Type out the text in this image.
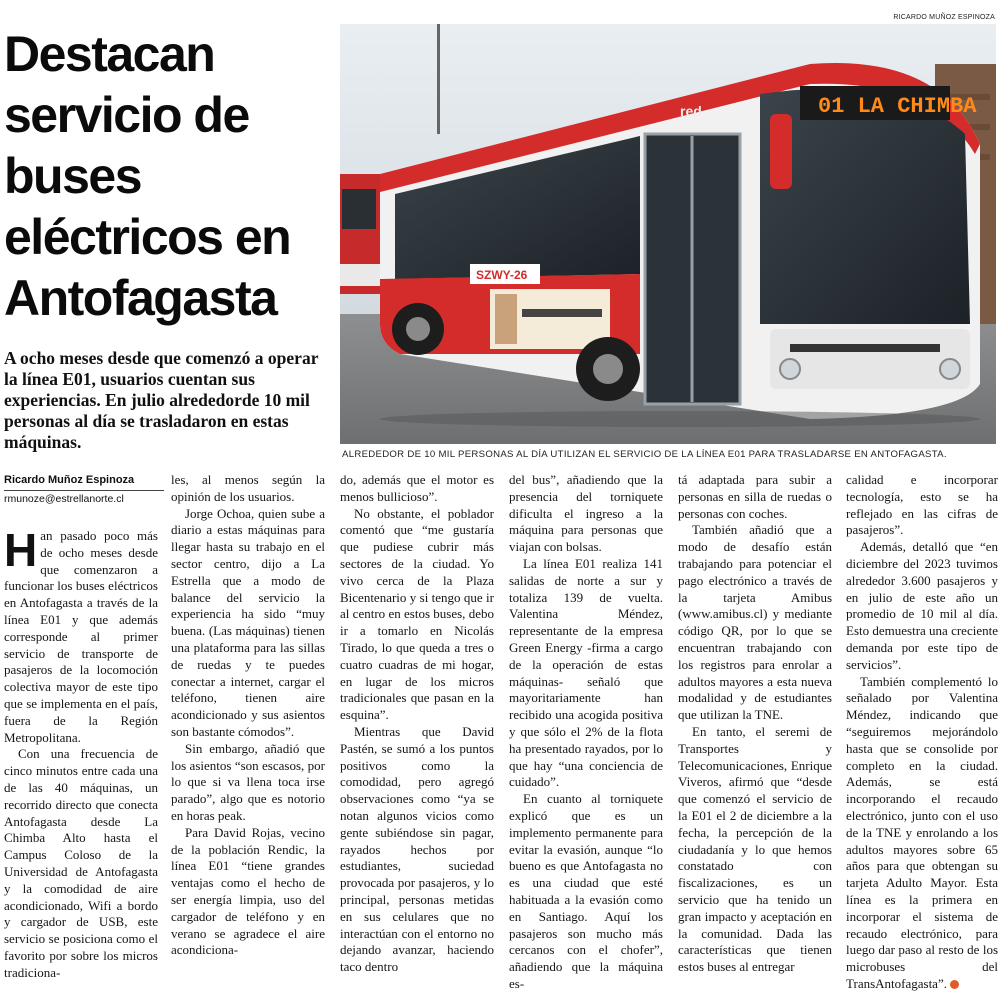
RICARDO MUÑOZ ESPINOZA
Destacan servicio de buses eléctricos en Antofagasta

A ocho meses desde que comenzó a operar la línea E01, usuarios cuentan sus experiencias. En julio alrededorde 10 mil personas al día se trasladaron en estas máquinas.

Ricardo Muñoz Espinoza
rmunoze@estrellanorte.cl
01 LA CHIMBA
red
SZWY-26
ALREDEDOR DE 10 MIL PERSONAS AL DÍA UTILIZAN EL SERVICIO DE LA LÍNEA E01 PARA TRASLADARSE EN ANTOFAGASTA.

Han pasado poco más de ocho meses desde que comenzaron a funcionar los buses eléctricos en Antofagasta a través de la línea E01 y que además corresponde al primer servicio de transporte de pasajeros de la locomoción colectiva mayor de este tipo que se implementa en el país, fuera de la Región Metropolitana.

Con una frecuencia de cinco minutos entre cada una de las 40 máquinas, un recorrido directo que conecta Antofagasta desde La Chimba Alto hasta el Campus Coloso de la Universidad de Antofagasta y la comodidad de aire acondicionado, Wifi a bordo y cargador de USB, este servicio se posiciona como el favorito por sobre los micros tradiciona-

les, al menos según la opinión de los usuarios.

Jorge Ochoa, quien sube a diario a estas máquinas para llegar hasta su trabajo en el sector centro, dijo a La Estrella que a modo de balance del servicio la experiencia ha sido “muy buena. (Las máquinas) tienen una plataforma para las sillas de ruedas y te puedes conectar a internet, cargar el teléfono, tienen aire acondicionado y sus asientos son bastante cómodos”.

Sin embargo, añadió que los asientos “son escasos, por lo que si va llena toca irse parado”, algo que es notorio en horas peak.

Para David Rojas, vecino de la población Rendic, la línea E01 “tiene grandes ventajas como el hecho de ser energía limpia, uso del cargador de teléfono y en verano se agradece el aire acondiciona-

do, además que el motor es menos bullicioso”.

No obstante, el poblador comentó que “me gustaría que pudiese cubrir más sectores de la ciudad. Yo vivo cerca de la Plaza Bicentenario y si tengo que ir al centro en estos buses, debo ir a tomarlo en Nicolás Tirado, lo que queda a tres o cuatro cuadras de mi hogar, en lugar de los micros tradicionales que pasan en la esquina”.

Mientras que David Pastén, se sumó a los puntos positivos como la comodidad, pero agregó observaciones como “ya se notan algunos vicios como gente subiéndose sin pagar, rayados hechos por estudiantes, suciedad provocada por pasajeros, y lo principal, personas metidas en sus celulares que no interactúan con el entorno no dejando avanzar, haciendo taco dentro

del bus”, añadiendo que la presencia del torniquete dificulta el ingreso a la máquina para personas que viajan con bolsas.

La línea E01 realiza 141 salidas de norte a sur y totaliza 139 de vuelta. Valentina Méndez, representante de la empresa Green Energy -firma a cargo de la operación de estas máquinas- señaló que mayoritariamente han recibido una acogida positiva y que sólo el 2% de la flota ha presentado rayados, por lo que hay “una conciencia de cuidado”.

En cuanto al torniquete explicó que es un implemento permanente para evitar la evasión, aunque “lo bueno es que Antofagasta no es una ciudad que esté habituada a la evasión como en Santiago. Aquí los pasajeros son mucho más cercanos con el chofer”, añadiendo que la máquina es-

tá adaptada para subir a personas en silla de ruedas o personas con coches.

También añadió que a modo de desafío están trabajando para potenciar el pago electrónico a través de la tarjeta Amibus (www.amibus.cl) y mediante código QR, por lo que se encuentran trabajando con los registros para enrolar a adultos mayores a esta nueva modalidad y de estudiantes que utilizan la TNE.

En tanto, el seremi de Transportes y Telecomunicaciones, Enrique Viveros, afirmó que “desde que comenzó el servicio de la E01 el 2 de diciembre a la fecha, la percepción de la ciudadanía y lo que hemos constatado con fiscalizaciones, es un servicio que ha tenido un gran impacto y aceptación en la comunidad. Dada las características que tienen estos buses al entregar

calidad e incorporar tecnología, esto se ha reflejado en las cifras de pasajeros”.

Además, detalló que “en diciembre del 2023 tuvimos alrededor 3.600 pasajeros y en julio de este año un promedio de 10 mil al día. Esto demuestra una creciente demanda por este tipo de servicios”.

También complementó lo señalado por Valentina Méndez, indicando que “seguiremos mejorándolo hasta que se consolide por completo en la ciudad. Además, se está incorporando el recaudo electrónico, junto con el uso de la TNE y enrolando a los adultos mayores sobre 65 años para que obtengan su tarjeta Adulto Mayor. Esta línea es la primera en incorporar el sistema de recaudo electrónico, para luego dar paso al resto de los microbuses del TransAntofagasta”.
